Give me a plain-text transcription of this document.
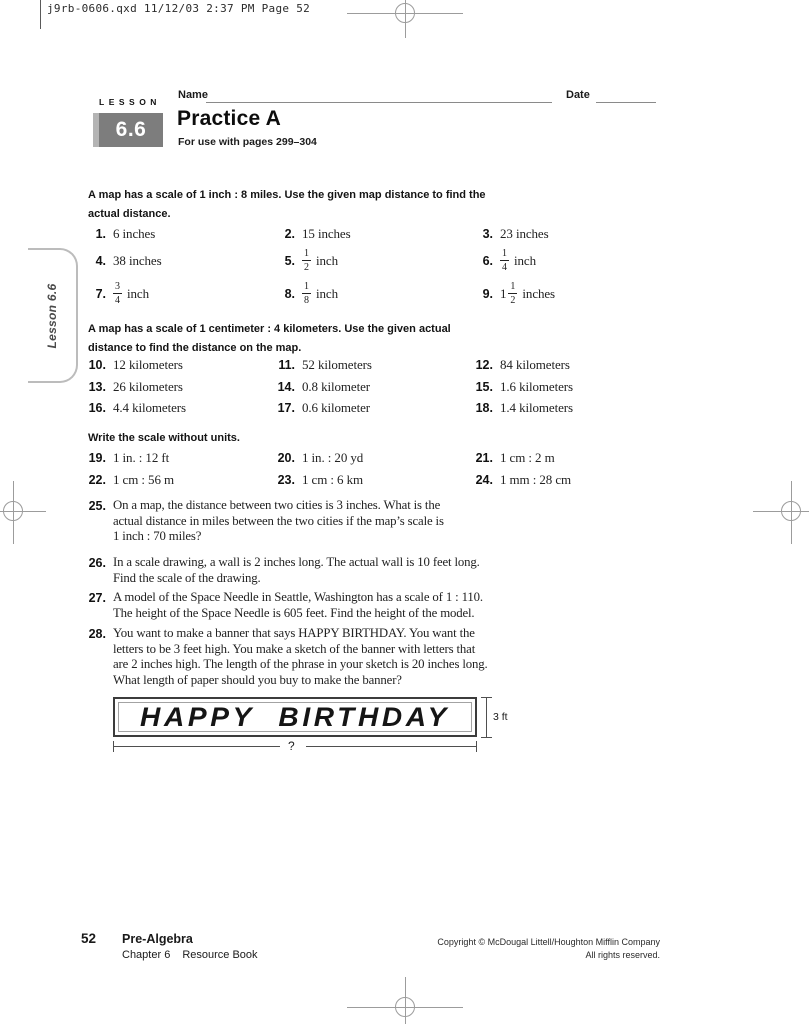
j9rb-0606.qxd 11/12/03 2:37 PM Page 52
Lesson 6.6
LESSON
6.6
Name	Date
Practice A
For use with pages 299–304
A map has a scale of 1 inch : 8 miles. Use the given map distance to find the
actual distance.
1. 6 inches	2. 15 inches	3. 23 inches
4. 38 inches	5. $\frac{1}{2}$ inch	6. $\frac{1}{4}$ inch
7. $\frac{3}{4}$ inch	8. $\frac{1}{8}$ inch	9. $1 \frac{1}{2}$ inches
A map has a scale of 1 centimeter : 4 kilometers. Use the given actual
distance to find the distance on the map.
10. 12 kilometers	11. 52 kilometers	12. 84 kilometers
13. 26 kilometers	14. 0.8 kilometer	15. 1.6 kilometers
16. 4.4 kilometers	17. 0.6 kilometer	18. 1.4 kilometers
Write the scale without units.
19. 1 in. : 12 ft	20. 1 in. : 20 yd	21. 1 cm : 2 m
22. 1 cm : 56 m	23. 1 cm : 6 km	24. 1 mm : 28 cm
25. On a map, the distance between two cities is 3 inches. What is the
actual distance in miles between the two cities if the map’s scale is
1 inch : 70 miles?
26. In a scale drawing, a wall is 2 inches long. The actual wall is 10 feet long.
Find the scale of the drawing.
27. A model of the Space Needle in Seattle, Washington has a scale of 1 : 110.
The height of the Space Needle is 605 feet. Find the height of the model.
28. You want to make a banner that says HAPPY BIRTHDAY. You want the
letters to be 3 feet high. You make a sketch of the banner with letters that
are 2 inches high. The length of the phrase in your sketch is 20 inches long.
What length of paper should you buy to make the banner?
HAPPY BIRTHDAY	3 ft
?
52 Pre-Algebra
Chapter 6 Resource Book
Copyright © McDougal Littell/Houghton Mifflin Company
All rights reserved.
